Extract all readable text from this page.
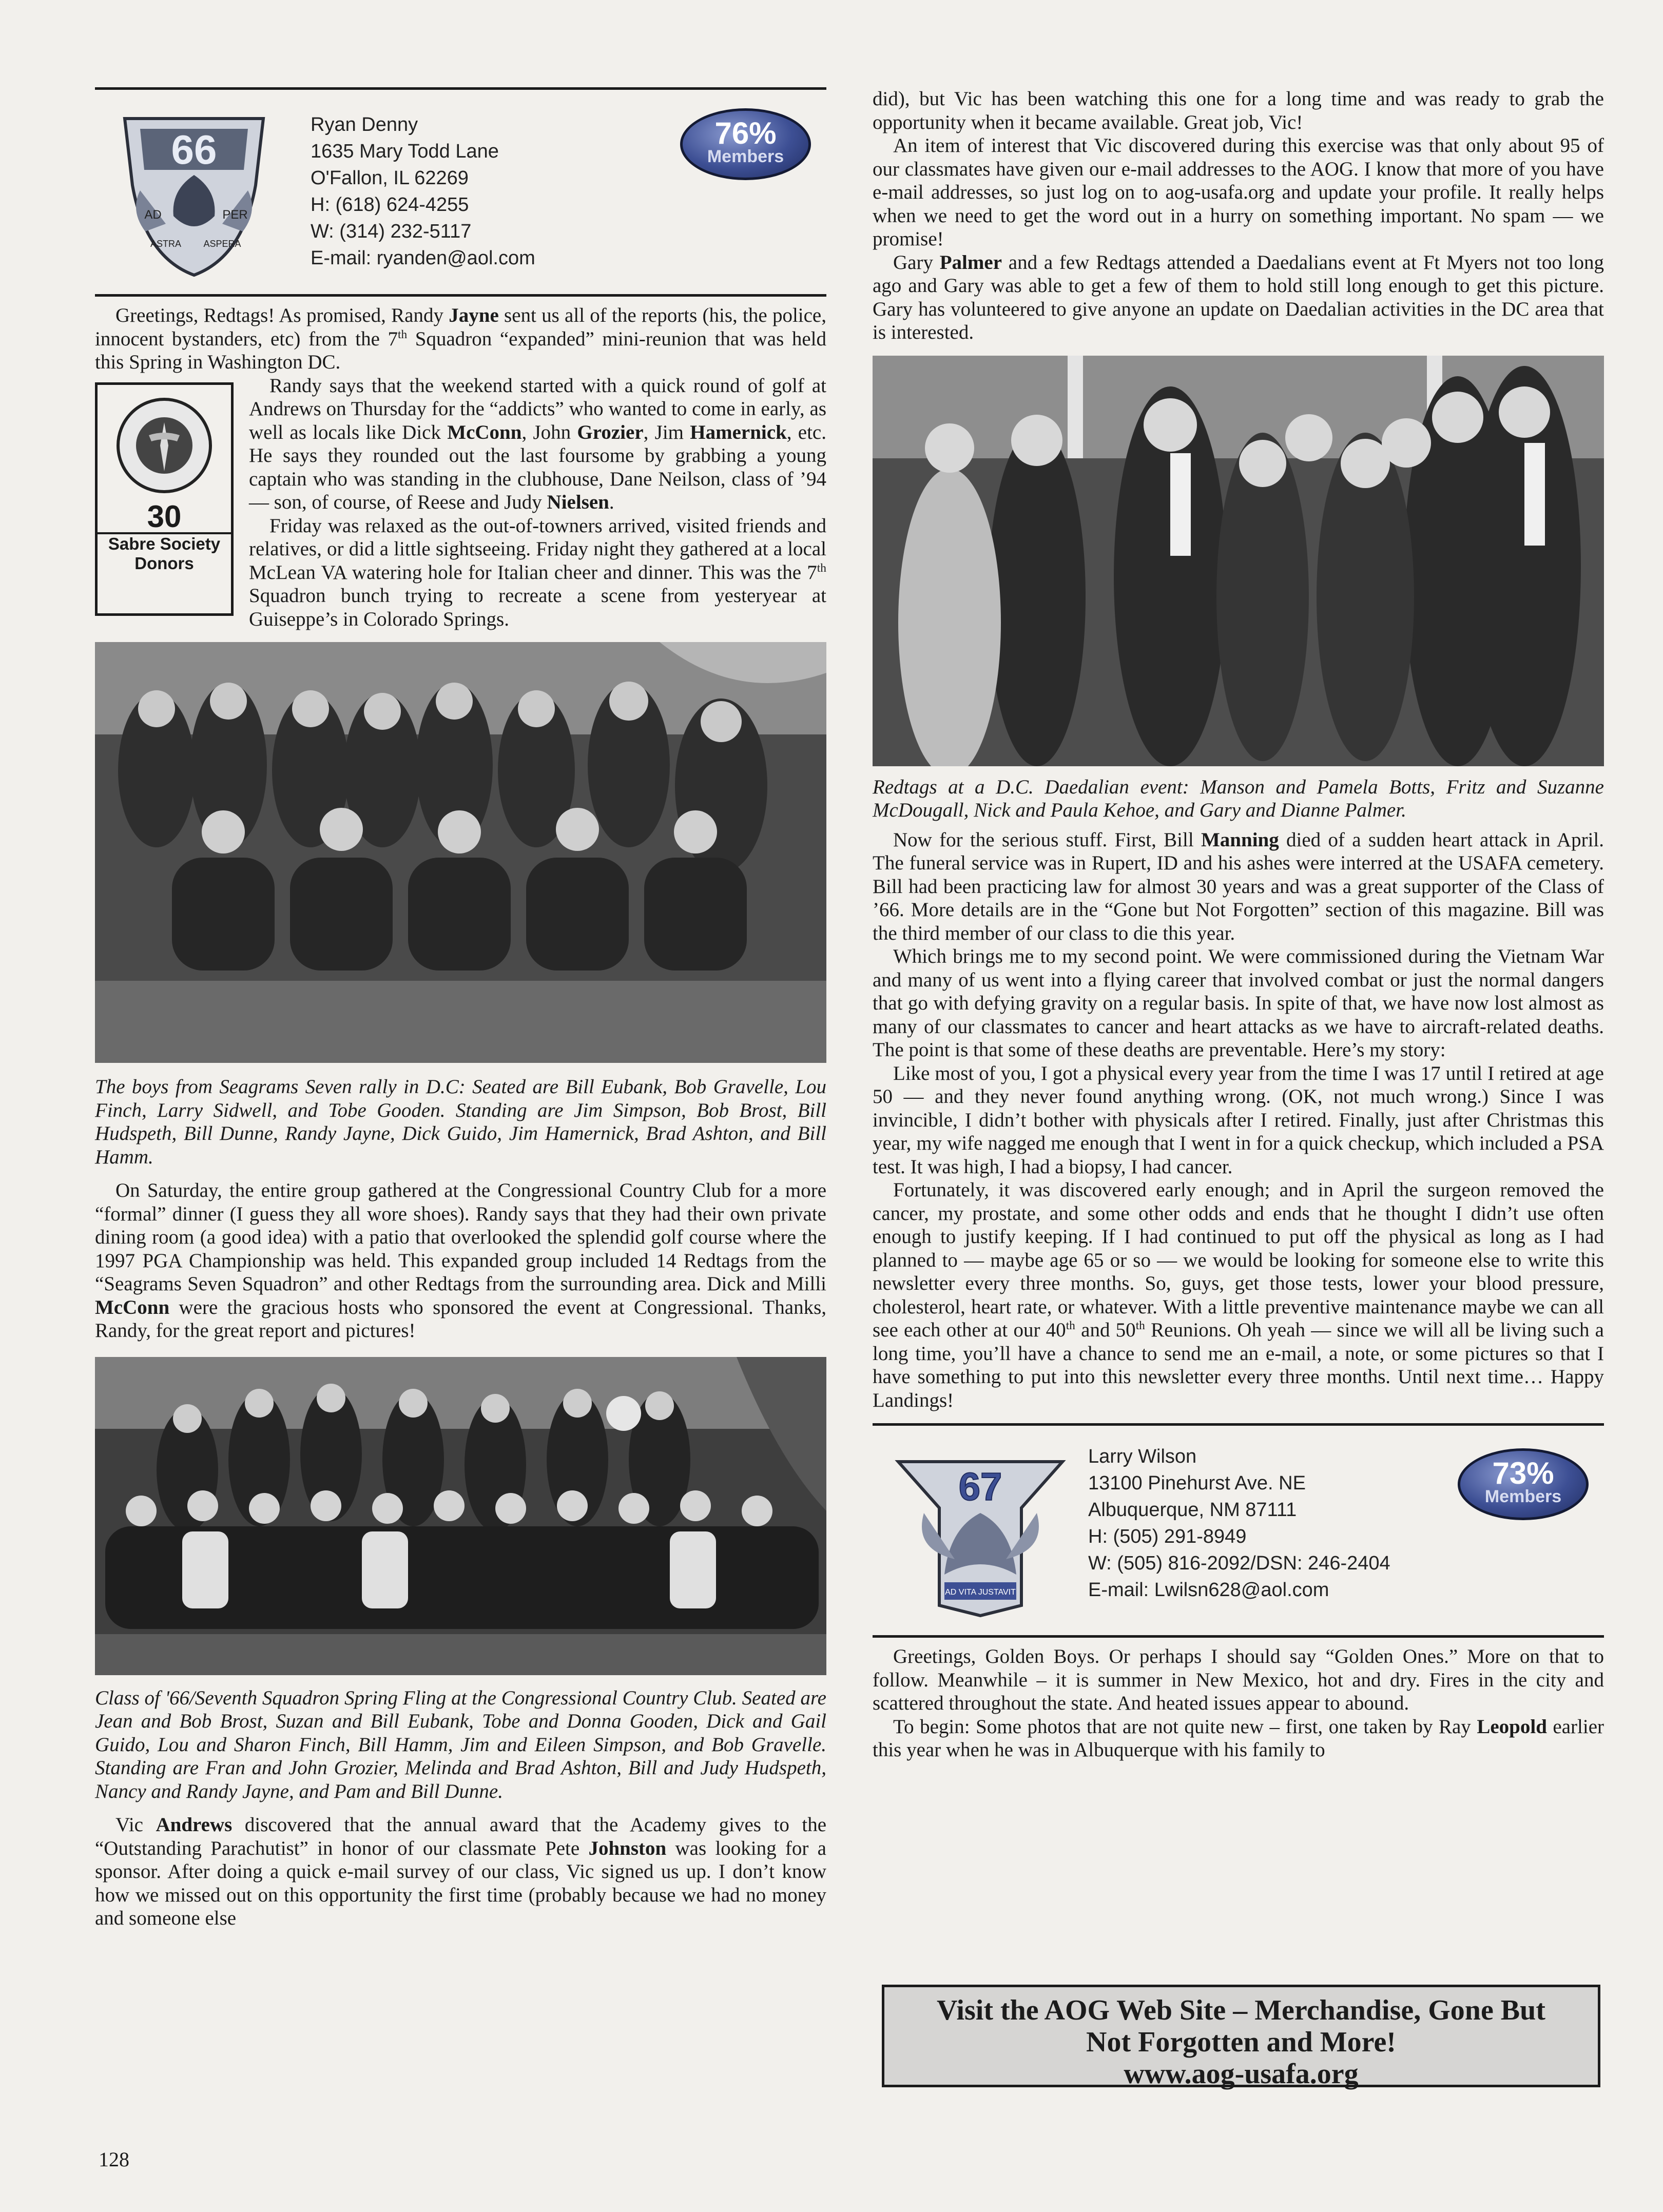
66
AD	PER
ASTRA ASPERA
Ryan Denny
1635 Mary Todd Lane
O'Fallon, IL 62269
H: (618) 624-4255
W: (314) 232-5117
E-mail: ryanden@aol.com
76%
Members

Greetings, Redtags! As promised, Randy Jayne sent us all of the reports (his, the police, innocent bystanders, etc) from the 7th Squadron “expanded” mini-reunion that was held this Spring in Washington DC.

30
Sabre Society
Donors

Randy says that the weekend started with a quick round of golf at Andrews on Thursday for the “addicts” who wanted to come in early, as well as locals like Dick McConn, John Grozier, Jim Hamernick, etc. He says they rounded out the last foursome by grabbing a young captain who was standing in the clubhouse, Dane Neilson, class of ’94 — son, of course, of Reese and Judy Nielsen.

Friday was relaxed as the out-of-towners arrived, visited friends and relatives, or did a little sightseeing. Friday night they gathered at a local McLean VA watering hole for Italian cheer and dinner. This was the 7th Squadron bunch trying to recreate a scene from yesteryear at Guiseppe’s in Colorado Springs.

The boys from Seagrams Seven rally in D.C: Seated are Bill Eubank, Bob Gravelle, Lou Finch, Larry Sidwell, and Tobe Gooden. Standing are Jim Simpson, Bob Brost, Bill Hudspeth, Bill Dunne, Randy Jayne, Dick Guido, Jim Hamernick, Brad Ashton, and Bill Hamm.

On Saturday, the entire group gathered at the Congressional Country Club for a more “formal” dinner (I guess they all wore shoes). Randy says that they had their own private dining room (a good idea) with a patio that overlooked the splendid golf course where the 1997 PGA Championship was held. This expanded group included 14 Redtags from the “Seagrams Seven Squadron” and other Redtags from the surrounding area. Dick and Milli McConn were the gracious hosts who sponsored the event at Congressional. Thanks, Randy, for the great report and pictures!

Class of '66/Seventh Squadron Spring Fling at the Congressional Country Club. Seated are Jean and Bob Brost, Suzan and Bill Eubank, Tobe and Donna Gooden, Dick and Gail Guido, Lou and Sharon Finch, Bill Hamm, Jim and Eileen Simpson, and Bob Gravelle. Standing are Fran and John Grozier, Melinda and Brad Ashton, Bill and Judy Hudspeth, Nancy and Randy Jayne, and Pam and Bill Dunne.

Vic Andrews discovered that the annual award that the Academy gives to the “Outstanding Parachutist” in honor of our classmate Pete Johnston was looking for a sponsor. After doing a quick e-mail survey of our class, Vic signed us up. I don’t know how we missed out on this opportunity the first time (probably because we had no money and someone else

did), but Vic has been watching this one for a long time and was ready to grab the opportunity when it became available. Great job, Vic!

An item of interest that Vic discovered during this exercise was that only about 95 of our classmates have given our e-mail addresses to the AOG. I know that more of you have e-mail addresses, so just log on to aog-usafa.org and update your profile. It really helps when we need to get the word out in a hurry on something important. No spam — we promise!

Gary Palmer and a few Redtags attended a Daedalians event at Ft Myers not too long ago and Gary was able to get a few of them to hold still long enough to get this picture. Gary has volunteered to give anyone an update on Daedalian activities in the DC area that is interested.

Redtags at a D.C. Daedalian event: Manson and Pamela Botts, Fritz and Suzanne McDougall, Nick and Paula Kehoe, and Gary and Dianne Palmer.

Now for the serious stuff. First, Bill Manning died of a sudden heart attack in April. The funeral service was in Rupert, ID and his ashes were interred at the USAFA cemetery. Bill had been practicing law for almost 30 years and was a great supporter of the Class of ’66. More details are in the “Gone but Not Forgotten” section of this magazine. Bill was the third member of our class to die this year.

Which brings me to my second point. We were commissioned during the Vietnam War and many of us went into a flying career that involved combat or just the normal dangers that go with defying gravity on a regular basis. In spite of that, we have now lost almost as many of our classmates to cancer and heart attacks as we have to aircraft-related deaths. The point is that some of these deaths are preventable. Here’s my story:

Like most of you, I got a physical every year from the time I was 17 until I retired at age 50 — and they never found anything wrong. (OK, not much wrong.) Since I was invincible, I didn’t bother with physicals after I retired. Finally, just after Christmas this year, my wife nagged me enough that I went in for a quick checkup, which included a PSA test. It was high, I had a biopsy, I had cancer.

Fortunately, it was discovered early enough; and in April the surgeon removed the cancer, my prostate, and some other odds and ends that he thought I didn’t use often enough to justify keeping. If I had continued to put off the physical as long as I had planned to — maybe age 65 or so — we would be looking for someone else to write this newsletter every three months. So, guys, get those tests, lower your blood pressure, cholesterol, heart rate, or whatever. With a little preventive maintenance maybe we can all see each other at our 40th and 50th Reunions. Oh yeah — since we will all be living such a long time, you’ll have a chance to send me an e-mail, a note, or some pictures so that I have something to put into this newsletter every three months. Until next time… Happy Landings!

67
AD VITA JUSTAVIT
Larry Wilson
13100 Pinehurst Ave. NE
Albuquerque, NM 87111
H: (505) 291-8949
W: (505) 816-2092/DSN: 246-2404
E-mail: Lwilsn628@aol.com
73%
Members

Greetings, Golden Boys. Or perhaps I should say “Golden Ones.” More on that to follow. Meanwhile – it is summer in New Mexico, hot and dry. Fires in the city and scattered throughout the state. And heated issues appear to abound.

To begin: Some photos that are not quite new – first, one taken by Ray Leopold earlier this year when he was in Albuquerque with his family to

Visit the AOG Web Site – Merchandise, Gone But
Not Forgotten and More!
www.aog-usafa.org
128
